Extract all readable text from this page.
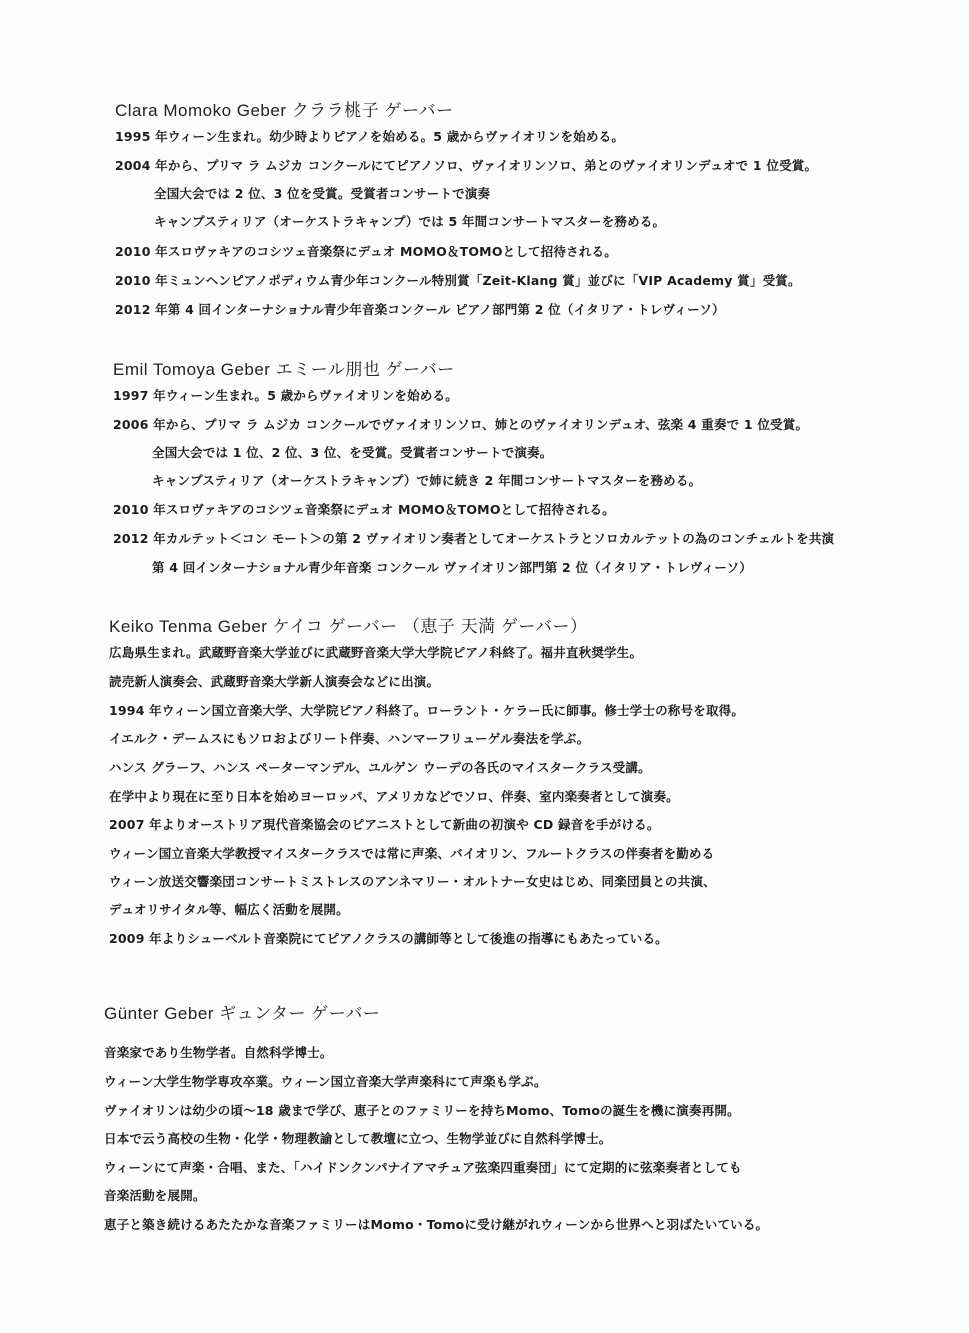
Clara Momoko Geber クララ桃子 ゲーバー
1995 年ウィーン生まれ。幼少時よりピアノを始める。5 歳からヴァイオリンを始める。
2004 年から、プリマ ラ ムジカ コンクールにてピアノソロ、ヴァイオリンソロ、弟とのヴァイオリンデュオで 1 位受賞。
全国大会では 2 位、3 位を受賞。受賞者コンサートで演奏
キャンプスティリア（オーケストラキャンプ）では 5 年間コンサートマスターを務める。
2010 年スロヴァキアのコシツェ音楽祭にデュオ MOMO＆TOMOとして招待される。
2010 年ミュンヘンピアノポディウム青少年コンクール特別賞「Zeit-Klang 賞」並びに「VIP Academy 賞」受賞。
2012 年第 4 回インターナショナル青少年音楽コンクール ピアノ部門第 2 位（イタリア・トレヴィーソ）
Emil Tomoya Geber エミール朋也 ゲーバー
1997 年ウィーン生まれ。5 歳からヴァイオリンを始める。
2006 年から、プリマ ラ ムジカ コンクールでヴァイオリンソロ、姉とのヴァイオリンデュオ、弦楽 4 重奏で 1 位受賞。
全国大会では 1 位、2 位、3 位、を受賞。受賞者コンサートで演奏。
キャンプスティリア（オーケストラキャンプ）で姉に続き 2 年間コンサートマスターを務める。
2010 年スロヴァキアのコシツェ音楽祭にデュオ MOMO＆TOMOとして招待される。
2012 年カルテット＜コン モート＞の第 2 ヴァイオリン奏者としてオーケストラとソロカルテットの為のコンチェルトを共演
第 4 回インターナショナル青少年音楽 コンクール ヴァイオリン部門第 2 位（イタリア・トレヴィーソ）
Keiko Tenma Geber ケイコ ゲーバー （恵子 天満 ゲーバー）
広島県生まれ。武蔵野音楽大学並びに武蔵野音楽大学大学院ピアノ科終了。福井直秋奨学生。
読売新人演奏会、武蔵野音楽大学新人演奏会などに出演。
1994 年ウィーン国立音楽大学、大学院ピアノ科終了。ローラント・ケラー氏に師事。修士学士の称号を取得。
イエルク・デームスにもソロおよびリート伴奏、ハンマーフリューゲル奏法を学ぶ。
ハンス グラーフ、ハンス ペーターマンデル、ユルゲン ウーデの各氏のマイスタークラス受講。
在学中より現在に至り日本を始めヨーロッパ、アメリカなどでソロ、伴奏、室内楽奏者として演奏。
2007 年よりオーストリア現代音楽協会のピアニストとして新曲の初演や CD 録音を手がける。
ウィーン国立音楽大学教授マイスタークラスでは常に声楽、バイオリン、フルートクラスの伴奏者を勤める
ウィーン放送交響楽団コンサートミストレスのアンネマリー・オルトナー女史はじめ、同楽団員との共演、
デュオリサイタル等、幅広く活動を展開。
2009 年よりシューベルト音楽院にてピアノクラスの講師等として後進の指導にもあたっている。
Günter Geber ギュンター ゲーバー
音楽家であり生物学者。自然科学博士。
ウィーン大学生物学専攻卒業。ウィーン国立音楽大学声楽科にて声楽も学ぶ。
ヴァイオリンは幼少の頃～18 歳まで学び、恵子とのファミリーを持ちMomo、Tomoの誕生を機に演奏再開。
日本で云う高校の生物・化学・物理教諭として教壇に立つ、生物学並びに自然科学博士。
ウィーンにて声楽・合唱、また、「ハイドンクンパナイアマチュア弦楽四重奏団」にて定期的に弦楽奏者としても
音楽活動を展開。
恵子と築き続けるあたたかな音楽ファミリーはMomo・Tomoに受け継がれウィーンから世界へと羽ばたいている。
